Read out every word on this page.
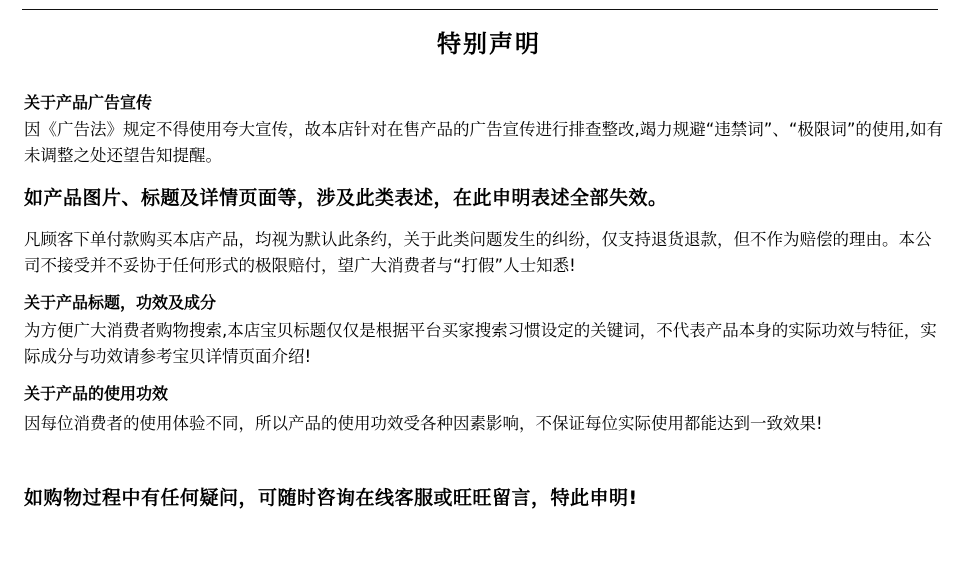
特别声明
关于产品广告宣传
因《广告法》规定不得使用夸大宣传，故本店针对在售产品的广告宣传进行排查整改,竭力规避“违禁词”、“极限词”的使用,如有未调整之处还望告知提醒。
如产品图片、标题及详情页面等，涉及此类表述，在此申明表述全部失效。
凡顾客下单付款购买本店产品，均视为默认此条约，关于此类问题发生的纠纷，仅支持退货退款，但不作为赔偿的理由。本公司不接受并不妥协于任何形式的极限赔付，望广大消费者与“打假”人士知悉!
关于产品标题，功效及成分
为方便广大消费者购物搜索,本店宝贝标题仅仅是根据平台买家搜索习惯设定的关键词，不代表产品本身的实际功效与特征，实际成分与功效请参考宝贝详情页面介绍!
关于产品的使用功效
因每位消费者的使用体验不同，所以产品的使用功效受各种因素影响，不保证每位实际使用都能达到一致效果!
如购物过程中有任何疑问，可随时咨询在线客服或旺旺留言，特此申明!
